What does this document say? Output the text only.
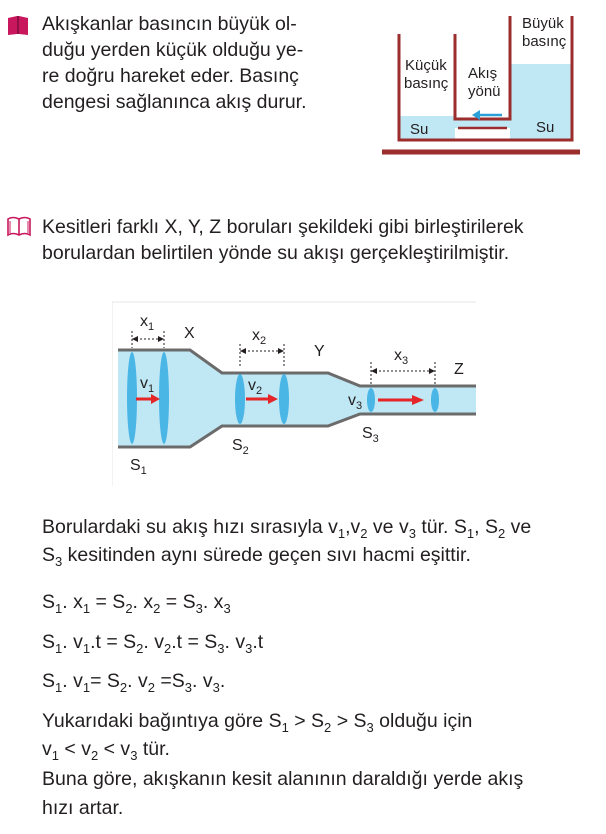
Akışkanlar basıncın büyük ol-
duğu yerden küçük olduğu ye-
re doğru hareket eder. Basınç
dengesi sağlanınca akış durur.
Küçük
basınç
Büyük
basınç
Akış
yönü
Su	Su
Kesitleri farklı X, Y, Z boruları şekildeki gibi birleştirilerek
borulardan belirtilen yönde su akışı gerçekleştirilmiştir.
$x_1$ X	$x_2$
Y	$x_3$	Z
$v_1$	$v_2$
$v_3$
$S_1$
$S_2$
$S_3$
Borulardaki su akış hızı sırasıyla $v_1,v_2$ ve $v_3$ tür. $S_1$, $S_2$ ve
$S_3$ kesitinden aynı sürede geçen sıvı hacmi eşittir.
$S_1$. $x_1 = S_2$. $x_2 = S_3$. $x_3$
$S_1$. $v_1.t = S_2$. $v_2.t = S_3$. $v_3.t$
$S_1$. $v_1= S_2$. $v_2 =S_3$. $v_3$.
Yukarıdaki bağıntıya göre $S_1 > S_2 > S_3$ olduğu için
$v_1 < v_2 < v_3$ tür.
Buna göre, akışkanın kesit alanının daraldığı yerde akış
hızı artar.
